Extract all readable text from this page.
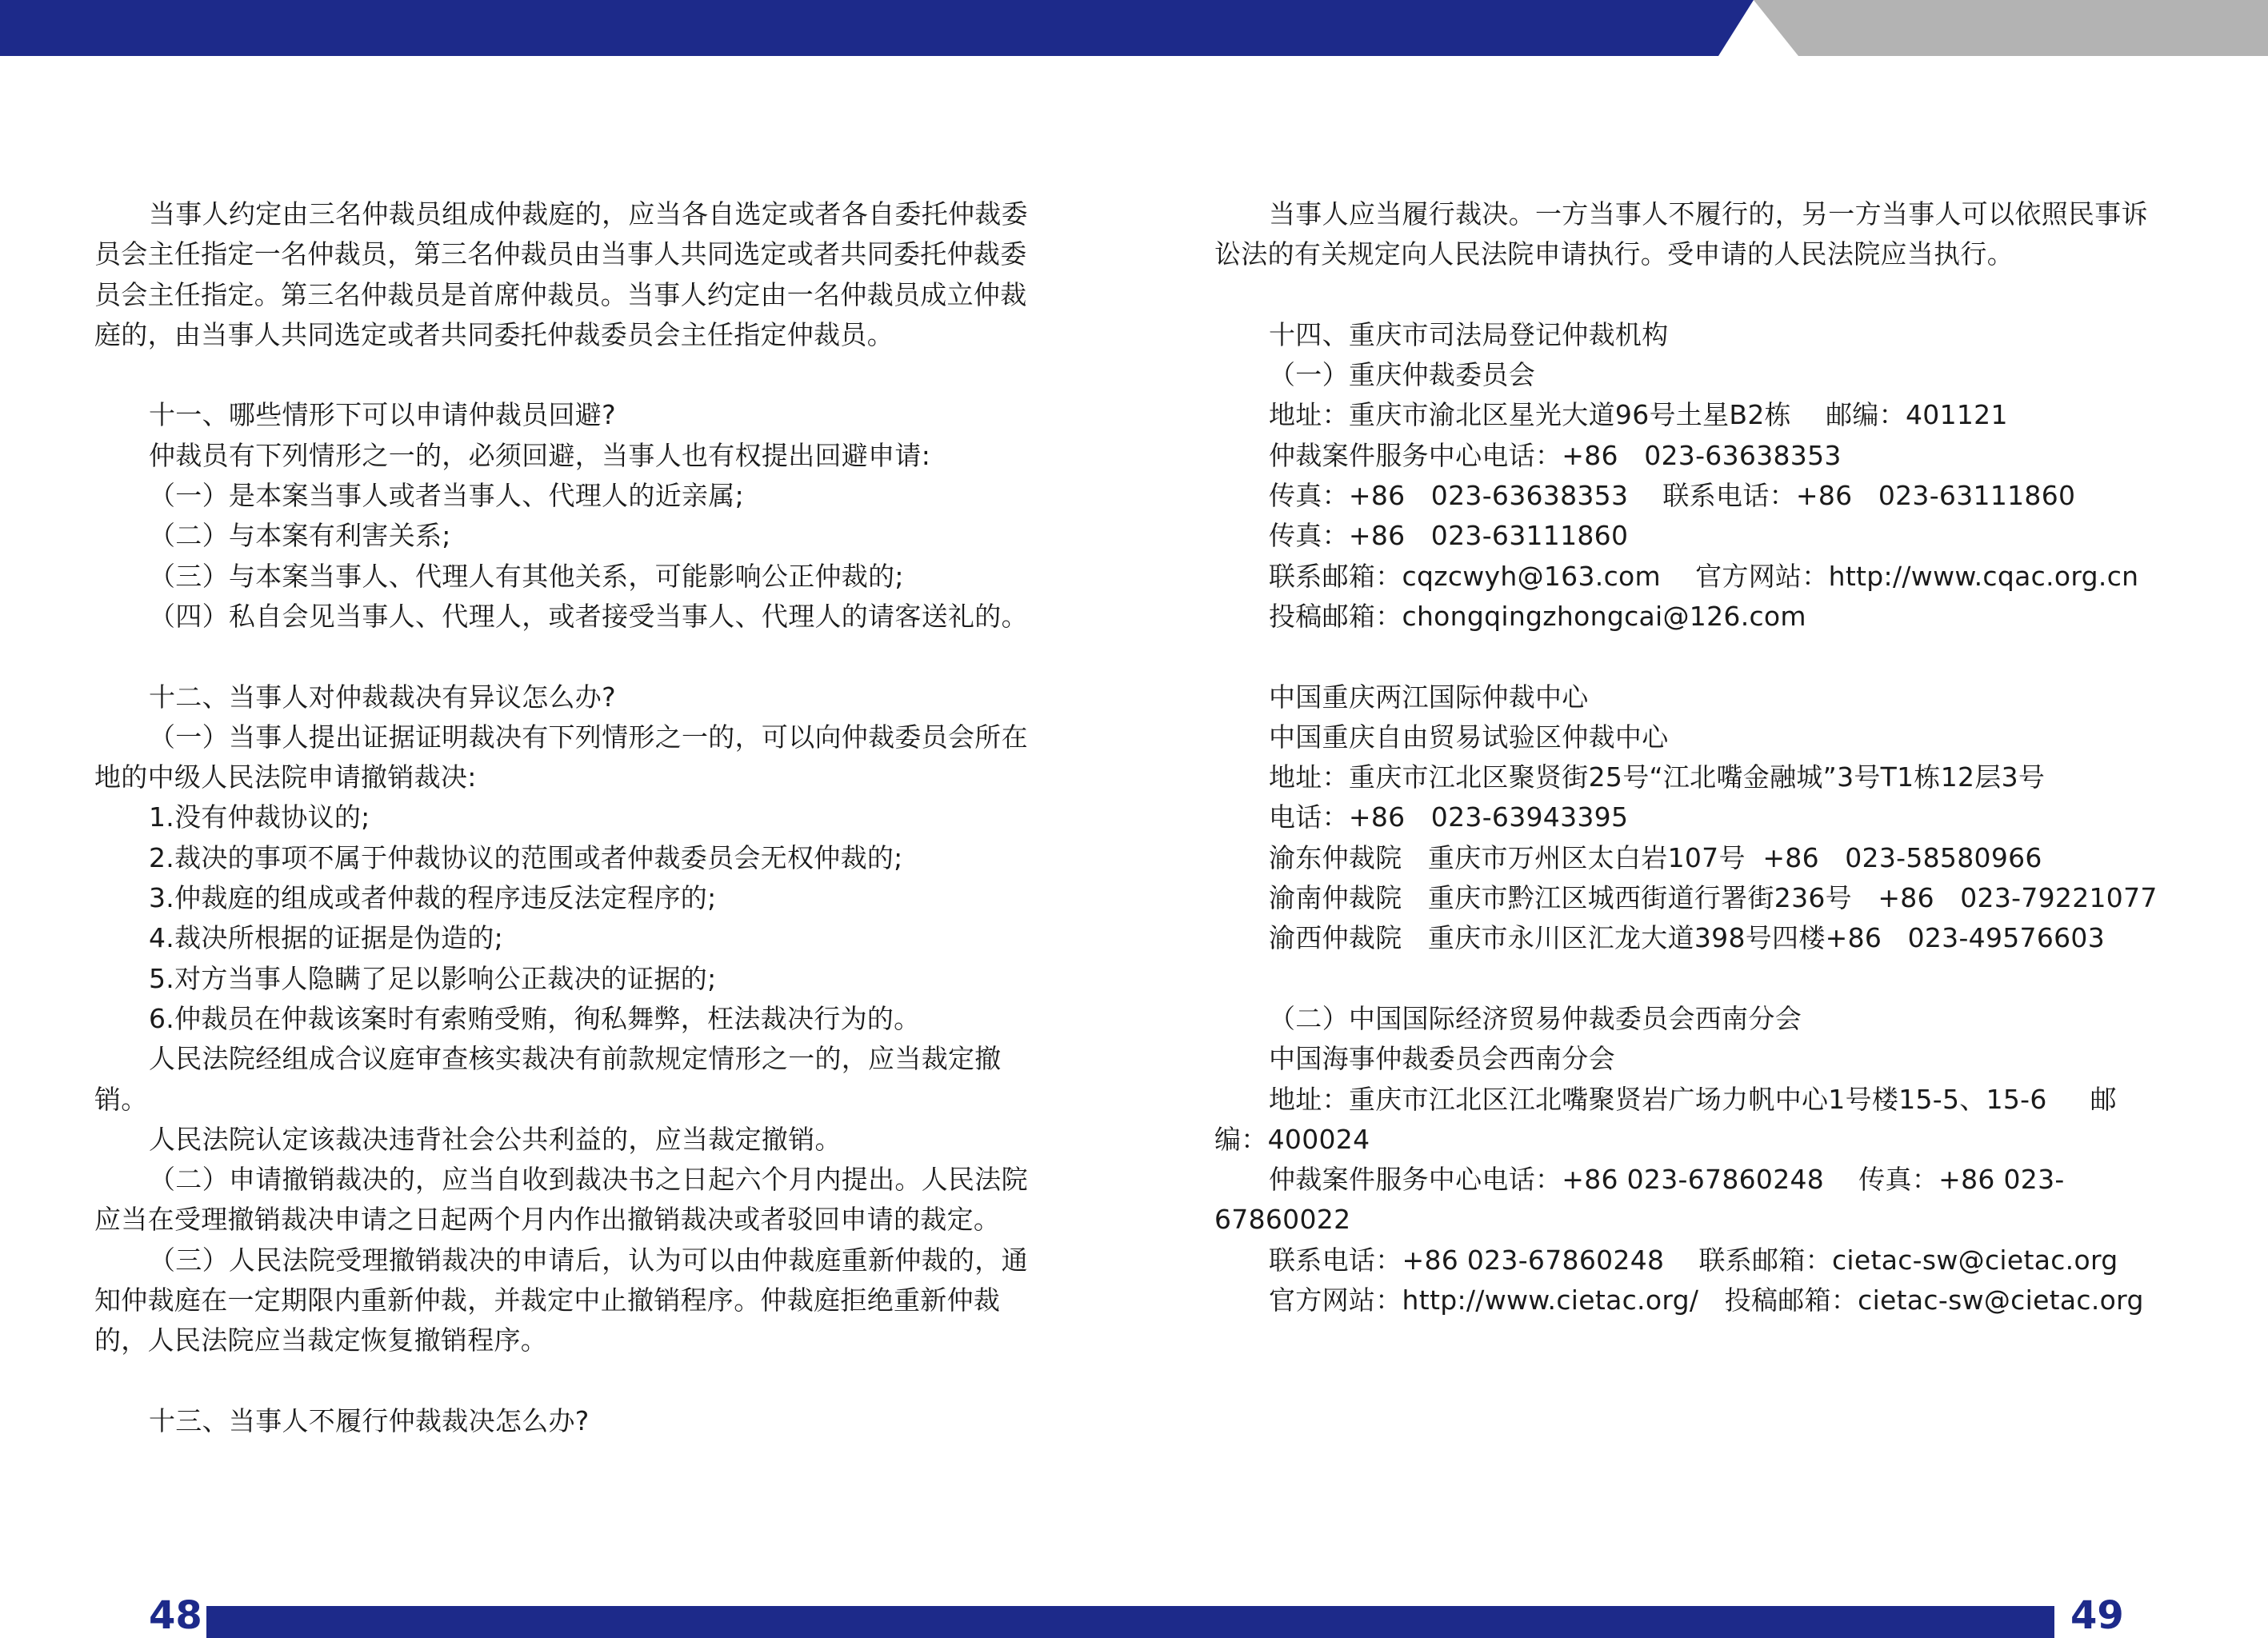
当事人约定由三名仲裁员组成仲裁庭的，应当各自选定或者各自委托仲裁委

员会主任指定一名仲裁员，第三名仲裁员由当事人共同选定或者共同委托仲裁委

员会主任指定。第三名仲裁员是首席仲裁员。当事人约定由一名仲裁员成立仲裁

庭的，由当事人共同选定或者共同委托仲裁委员会主任指定仲裁员。

十一、哪些情形下可以申请仲裁员回避?

仲裁员有下列情形之一的，必须回避，当事人也有权提出回避申请:

（一）是本案当事人或者当事人、代理人的近亲属;

（二）与本案有利害关系;

（三）与本案当事人、代理人有其他关系，可能影响公正仲裁的;

（四）私自会见当事人、代理人，或者接受当事人、代理人的请客送礼的。

十二、当事人对仲裁裁决有异议怎么办?

（一）当事人提出证据证明裁决有下列情形之一的，可以向仲裁委员会所在

地的中级人民法院申请撤销裁决:

1.没有仲裁协议的;

2.裁决的事项不属于仲裁协议的范围或者仲裁委员会无权仲裁的;

3.仲裁庭的组成或者仲裁的程序违反法定程序的;

4.裁决所根据的证据是伪造的;

5.对方当事人隐瞒了足以影响公正裁决的证据的;

6.仲裁员在仲裁该案时有索贿受贿，徇私舞弊，枉法裁决行为的。

人民法院经组成合议庭审查核实裁决有前款规定情形之一的，应当裁定撤

销。

人民法院认定该裁决违背社会公共利益的，应当裁定撤销。

（二）申请撤销裁决的，应当自收到裁决书之日起六个月内提出。人民法院

应当在受理撤销裁决申请之日起两个月内作出撤销裁决或者驳回申请的裁定。

（三）人民法院受理撤销裁决的申请后，认为可以由仲裁庭重新仲裁的，通

知仲裁庭在一定期限内重新仲裁，并裁定中止撤销程序。仲裁庭拒绝重新仲裁

的，人民法院应当裁定恢复撤销程序。

十三、当事人不履行仲裁裁决怎么办?

当事人应当履行裁决。一方当事人不履行的，另一方当事人可以依照民事诉

讼法的有关规定向人民法院申请执行。受申请的人民法院应当执行。

十四、重庆市司法局登记仲裁机构

（一）重庆仲裁委员会

地址：重庆市渝北区星光大道96号土星B2栋    邮编：401121

仲裁案件服务中心电话：+86   023-63638353

传真：+86   023-63638353    联系电话：+86   023-63111860

传真：+86   023-63111860

联系邮箱：cqzcwyh@163.com    官方网站：http://www.cqac.org.cn

投稿邮箱：chongqingzhongcai@126.com

中国重庆两江国际仲裁中心

中国重庆自由贸易试验区仲裁中心

地址：重庆市江北区聚贤街25号“江北嘴金融城”3号T1栋12层3号

电话：+86   023-63943395

渝东仲裁院   重庆市万州区太白岩107号  +86   023-58580966

渝南仲裁院   重庆市黔江区城西街道行署街236号   +86   023-79221077

渝西仲裁院   重庆市永川区汇龙大道398号四楼+86   023-49576603

（二）中国国际经济贸易仲裁委员会西南分会

中国海事仲裁委员会西南分会

地址：重庆市江北区江北嘴聚贤岩广场力帆中心1号楼15-5、15-6     邮

编：400024

仲裁案件服务中心电话：+86 023-67860248    传真：+86 023-

67860022

联系电话：+86 023-67860248    联系邮箱：cietac-sw@cietac.org

官方网站：http://www.cietac.org/   投稿邮箱：cietac-sw@cietac.org

48	49
